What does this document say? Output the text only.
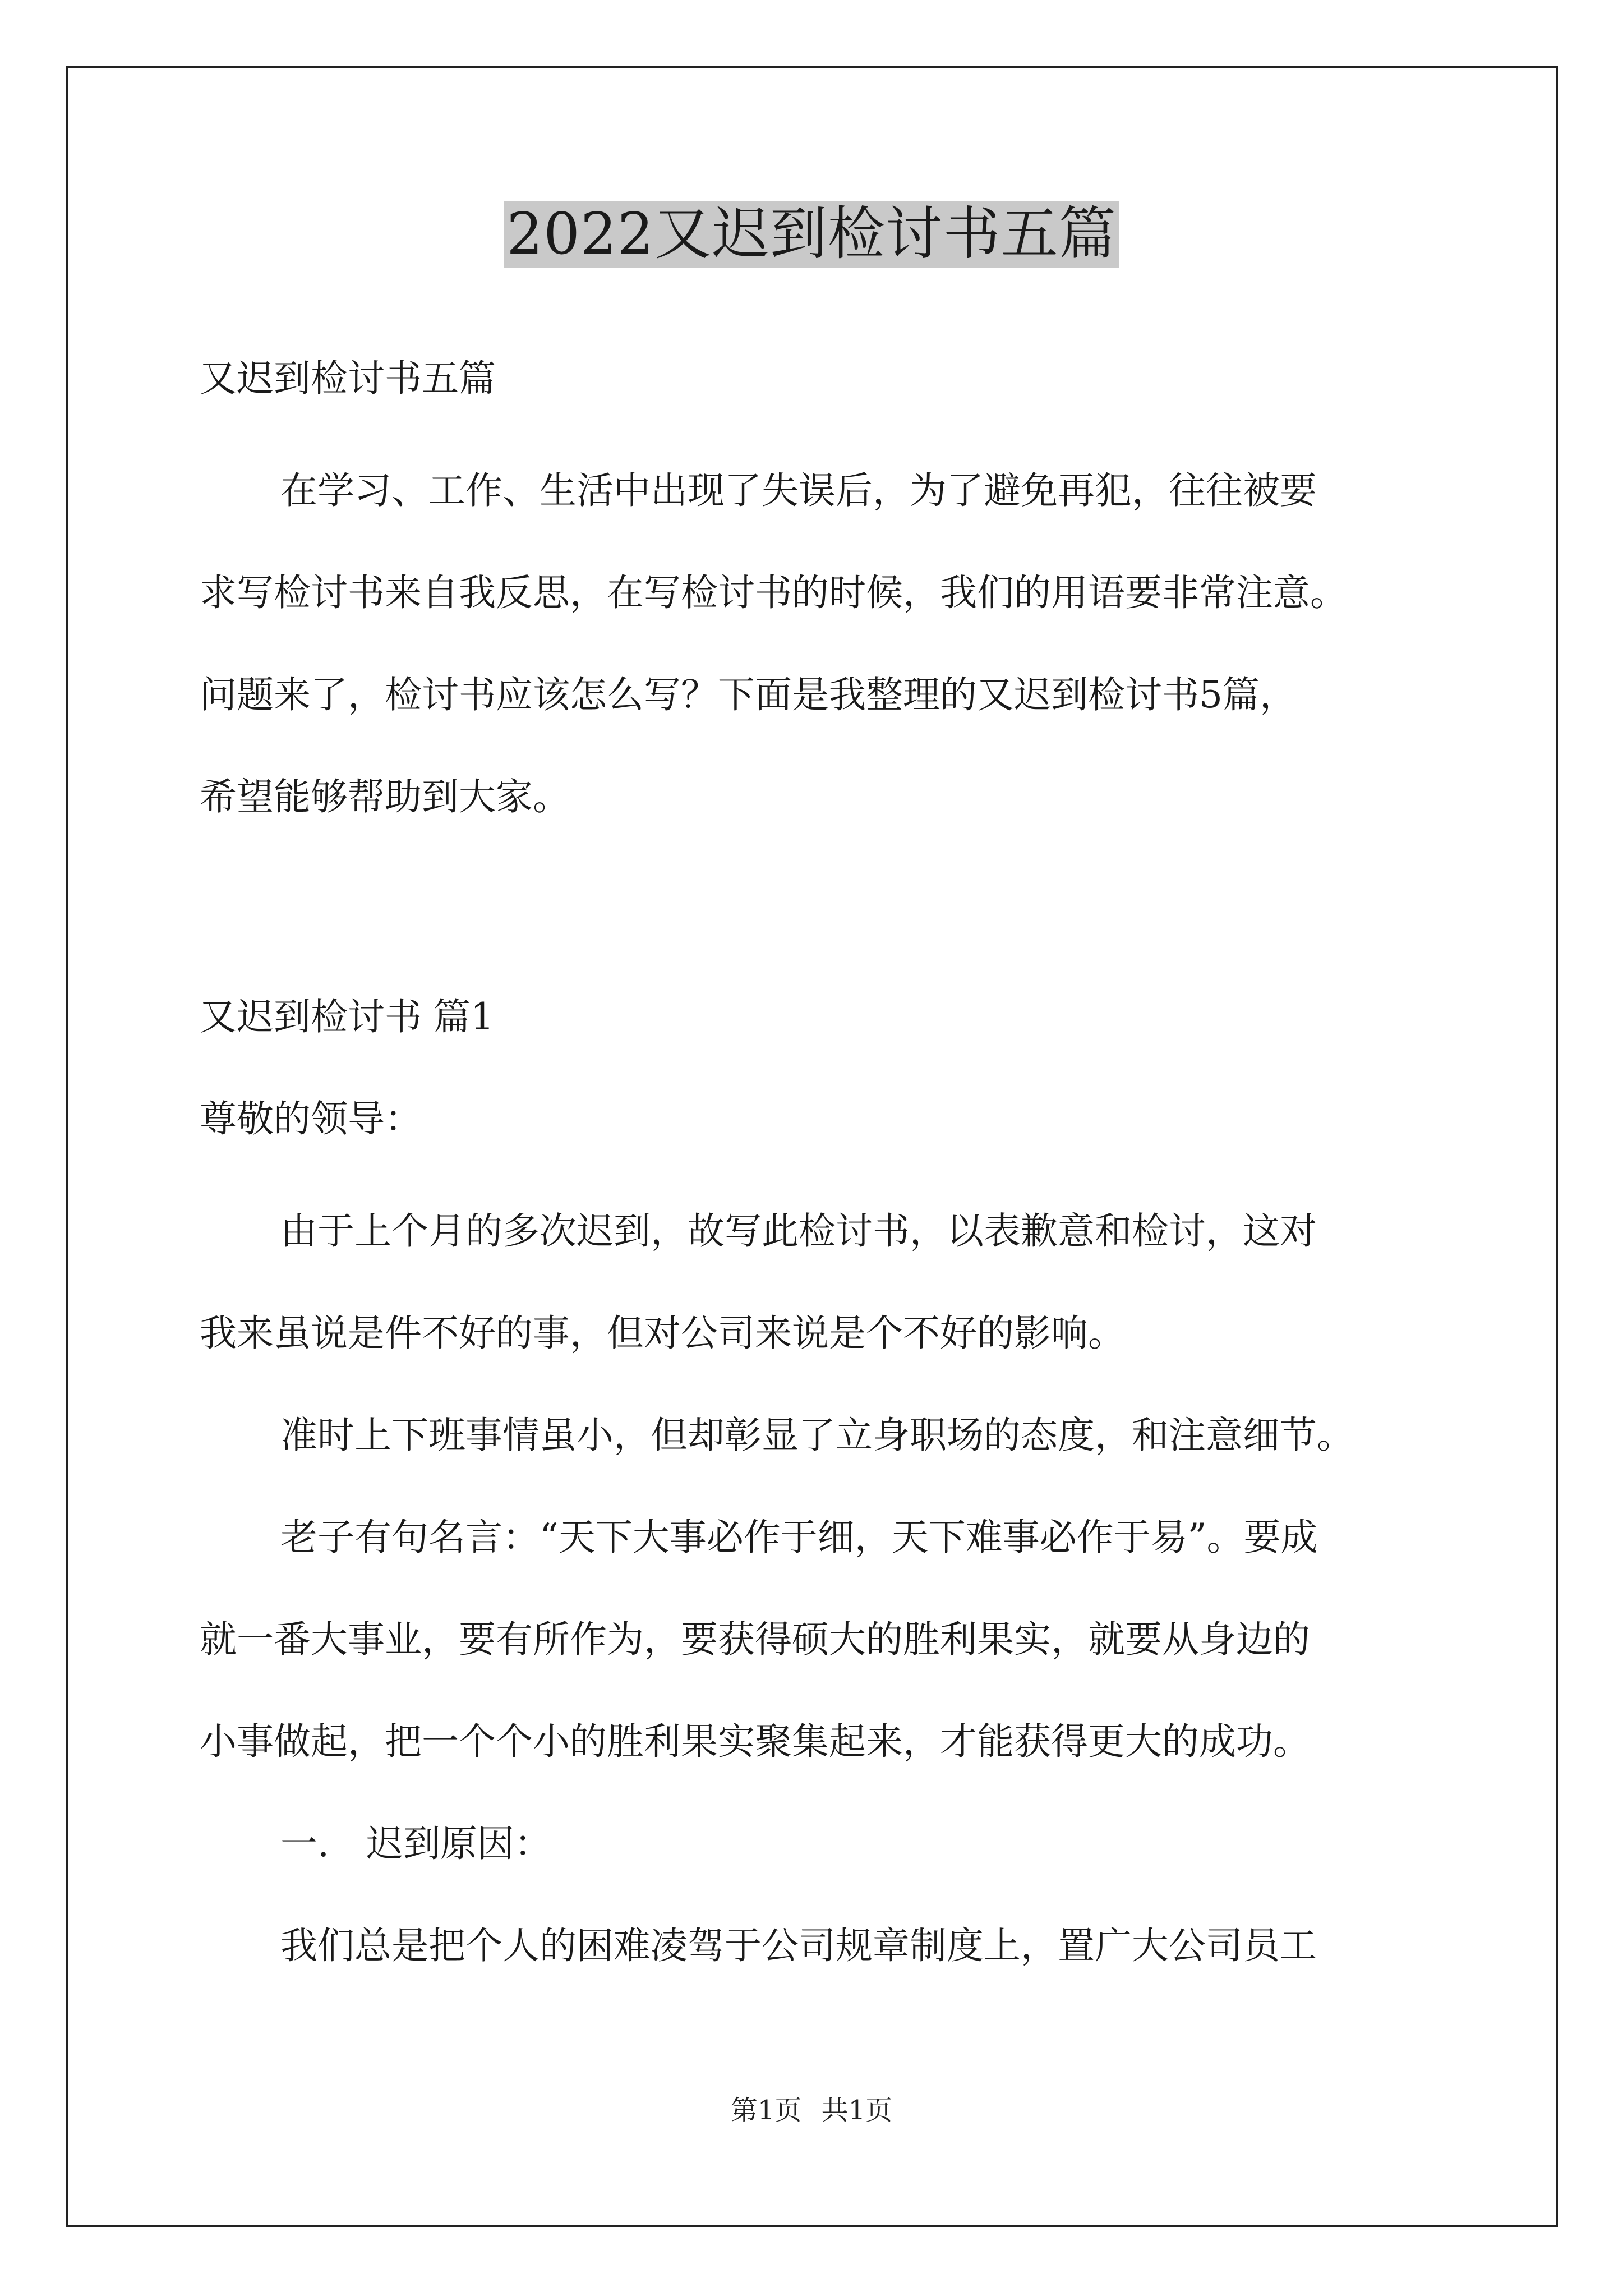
2022又迟到检讨书五篇

又迟到检讨书五篇

在学习、工作、生活中出现了失误后，为了避免再犯，往往被要

求写检讨书来自我反思，在写检讨书的时候，我们的用语要非常注意。

问题来了，检讨书应该怎么写？下面是我整理的又迟到检讨书5篇，

希望能够帮助到大家。

又迟到检讨书 篇1

尊敬的领导：

由于上个月的多次迟到，故写此检讨书，以表歉意和检讨，这对

我来虽说是件不好的事，但对公司来说是个不好的影响。

准时上下班事情虽小，但却彰显了立身职场的态度，和注意细节。

老子有句名言：“天下大事必作于细，天下难事必作于易”。要成

就一番大事业，要有所作为，要获得硕大的胜利果实，就要从身边的

小事做起，把一个个小的胜利果实聚集起来，才能获得更大的成功。

一.　迟到原因：

我们总是把个人的困难凌驾于公司规章制度上，置广大公司员工

第1页 共1页
